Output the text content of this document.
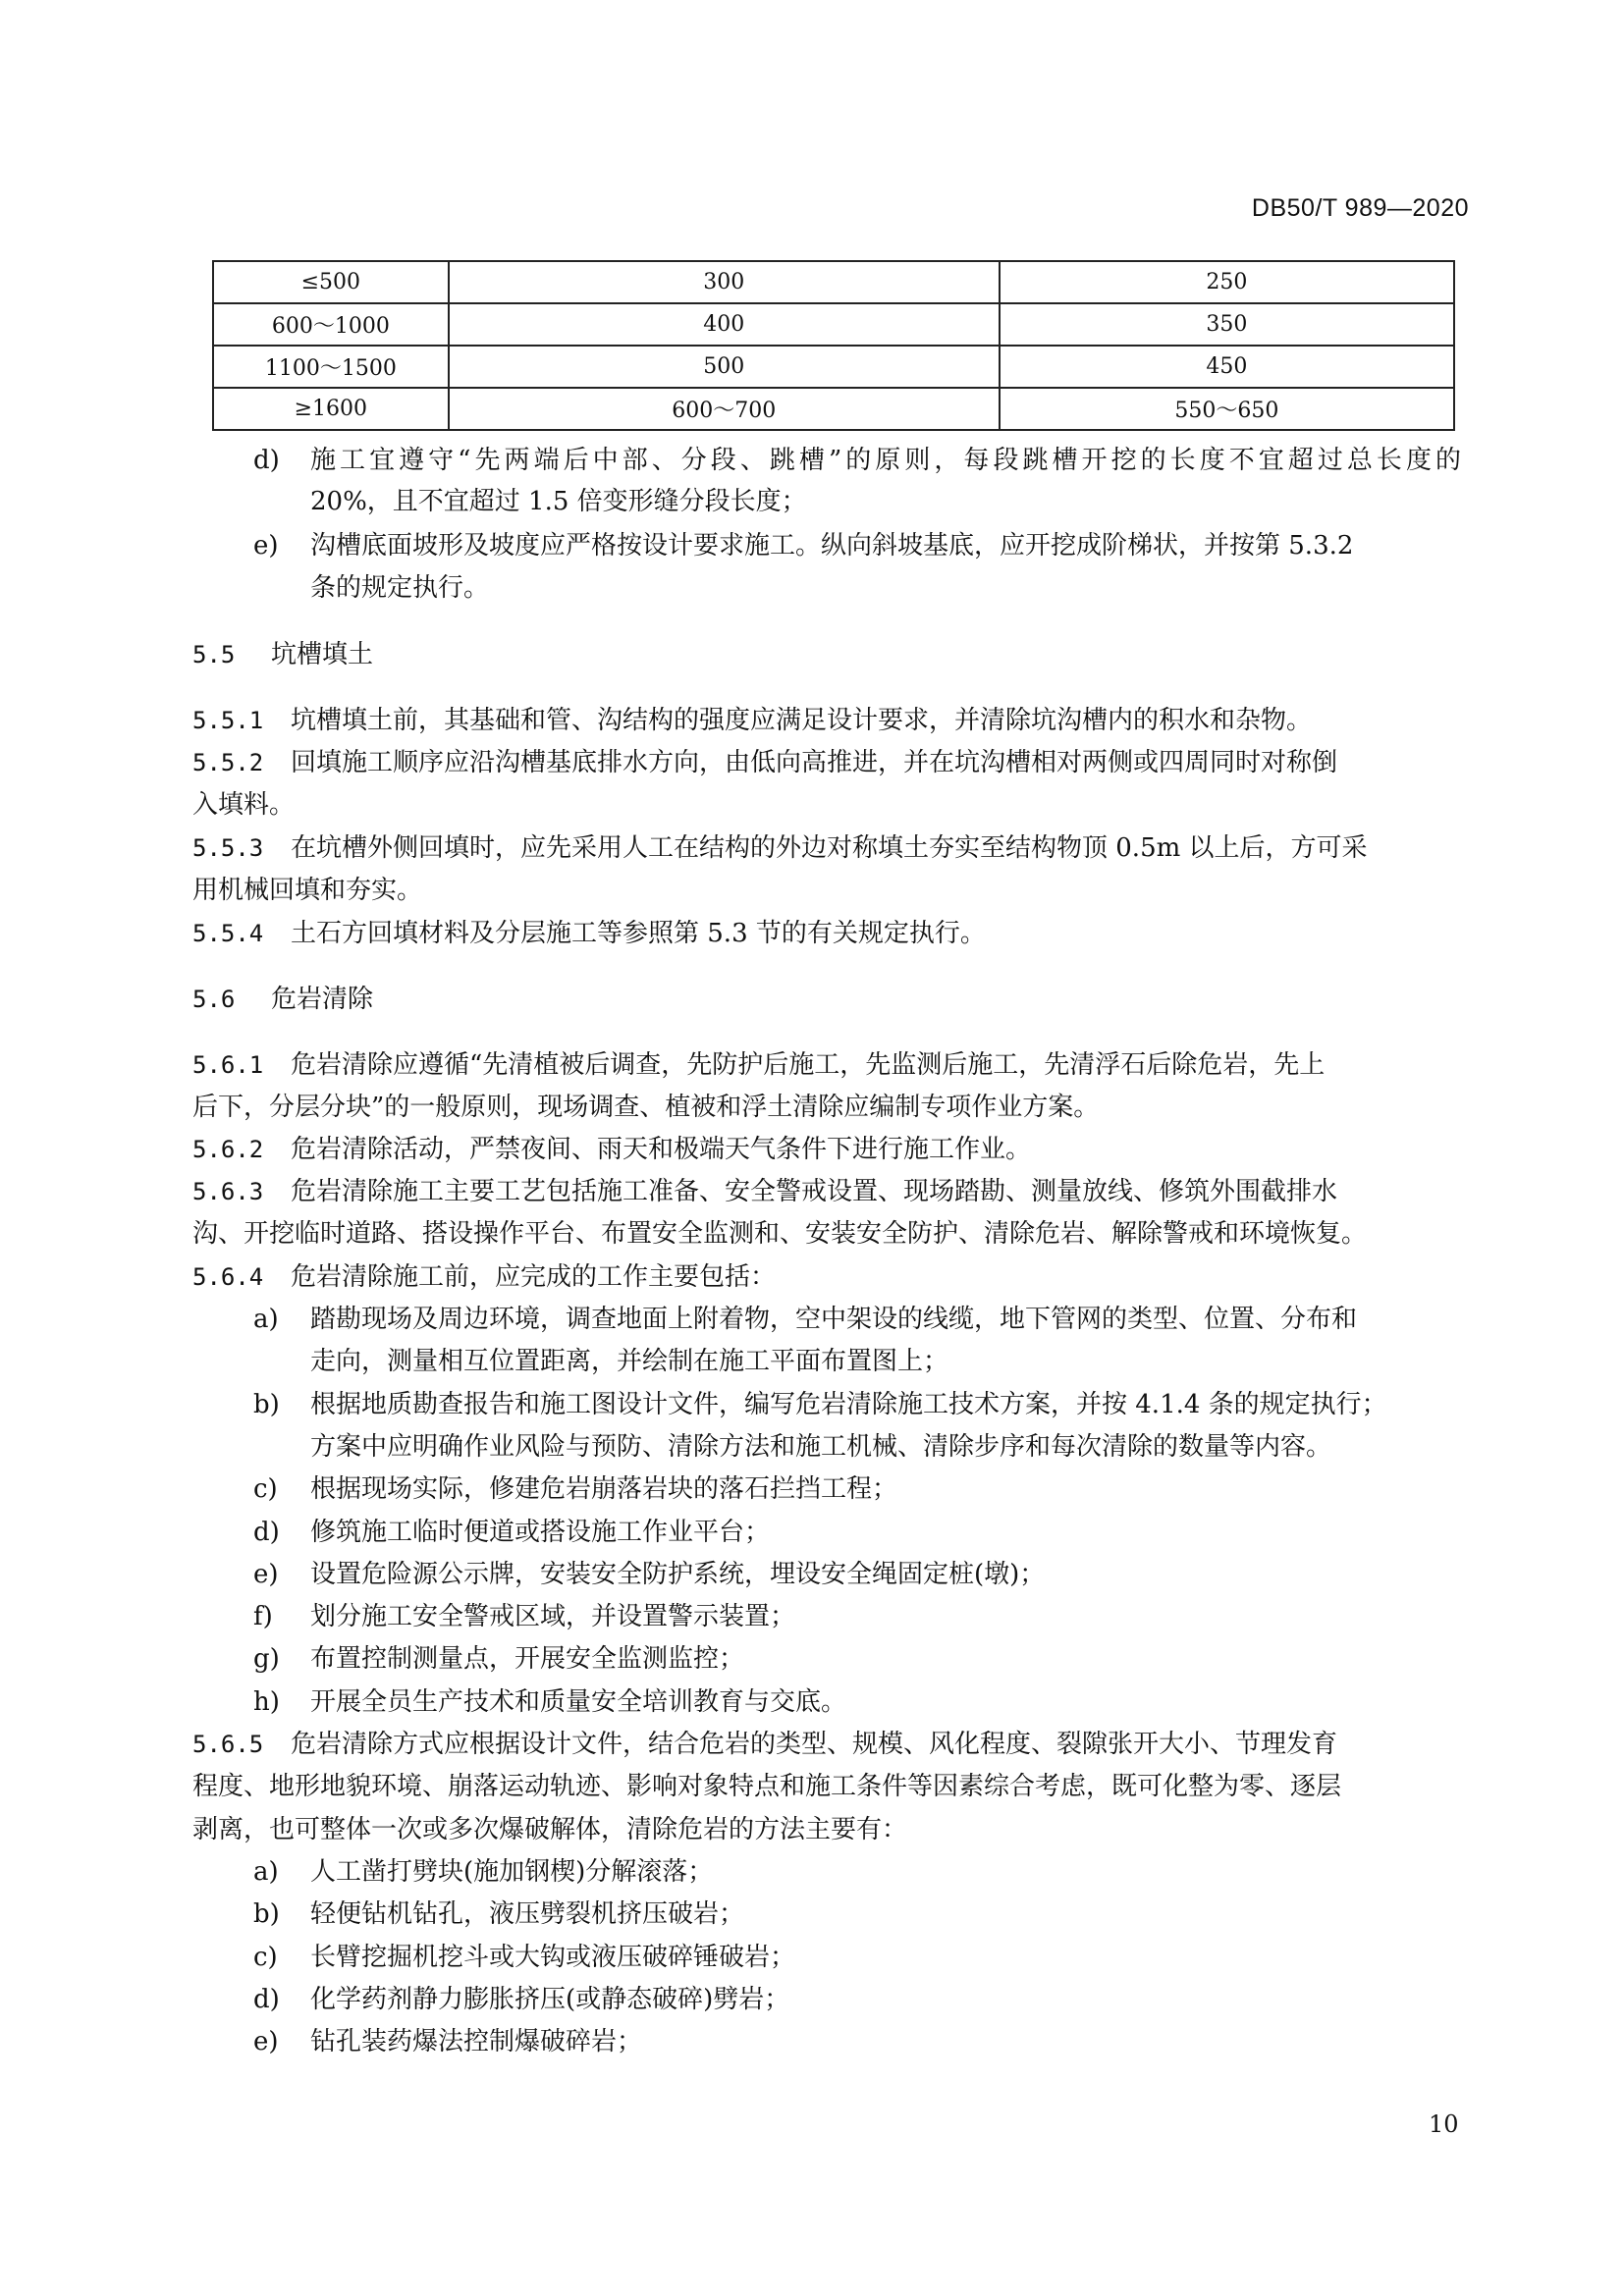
DB50/T 989—2020
≤500	300	250
600～1000	400	350
1100～1500	500	450
≥1600	600～700	550～650
d)	施工宜遵守“先两端后中部、分段、跳槽”的原则，每段跳槽开挖的长度不宜超过总长度的
20%，且不宜超过 1.5 倍变形缝分段长度；
e)	沟槽底面坡形及坡度应严格按设计要求施工。纵向斜坡基底，应开挖成阶梯状，并按第 5.3.2
条的规定执行。
5.5 坑槽填土
5.5.1 坑槽填土前，其基础和管、沟结构的强度应满足设计要求，并清除坑沟槽内的积水和杂物。
5.5.2 回填施工顺序应沿沟槽基底排水方向，由低向高推进，并在坑沟槽相对两侧或四周同时对称倒
入填料。
5.5.3 在坑槽外侧回填时，应先采用人工在结构的外边对称填土夯实至结构物顶 0.5m 以上后，方可采
用机械回填和夯实。
5.5.4 土石方回填材料及分层施工等参照第 5.3 节的有关规定执行。
5.6 危岩清除
5.6.1 危岩清除应遵循“先清植被后调查，先防护后施工，先监测后施工，先清浮石后除危岩，先上
后下，分层分块”的一般原则，现场调查、植被和浮土清除应编制专项作业方案。
5.6.2 危岩清除活动，严禁夜间、雨天和极端天气条件下进行施工作业。
5.6.3 危岩清除施工主要工艺包括施工准备、安全警戒设置、现场踏勘、测量放线、修筑外围截排水
沟、开挖临时道路、搭设操作平台、布置安全监测和、安装安全防护、清除危岩、解除警戒和环境恢复。
5.6.4 危岩清除施工前，应完成的工作主要包括：
a)	踏勘现场及周边环境，调查地面上附着物，空中架设的线缆，地下管网的类型、位置、分布和
走向，测量相互位置距离，并绘制在施工平面布置图上；
b)	根据地质勘查报告和施工图设计文件，编写危岩清除施工技术方案，并按 4.1.4 条的规定执行；
方案中应明确作业风险与预防、清除方法和施工机械、清除步序和每次清除的数量等内容。
c)	根据现场实际，修建危岩崩落岩块的落石拦挡工程；
d)	修筑施工临时便道或搭设施工作业平台；
e)	设置危险源公示牌，安装安全防护系统，埋设安全绳固定桩(墩)；
f)	划分施工安全警戒区域，并设置警示装置；
g)	布置控制测量点，开展安全监测监控；
h)	开展全员生产技术和质量安全培训教育与交底。
5.6.5 危岩清除方式应根据设计文件，结合危岩的类型、规模、风化程度、裂隙张开大小、节理发育
程度、地形地貌环境、崩落运动轨迹、影响对象特点和施工条件等因素综合考虑，既可化整为零、逐层
剥离，也可整体一次或多次爆破解体，清除危岩的方法主要有：
a)	人工凿打劈块(施加钢楔)分解滚落；
b)	轻便钻机钻孔，液压劈裂机挤压破岩；
c)	长臂挖掘机挖斗或大钩或液压破碎锤破岩；
d)	化学药剂静力膨胀挤压(或静态破碎)劈岩；
e)	钻孔装药爆法控制爆破碎岩；
10
